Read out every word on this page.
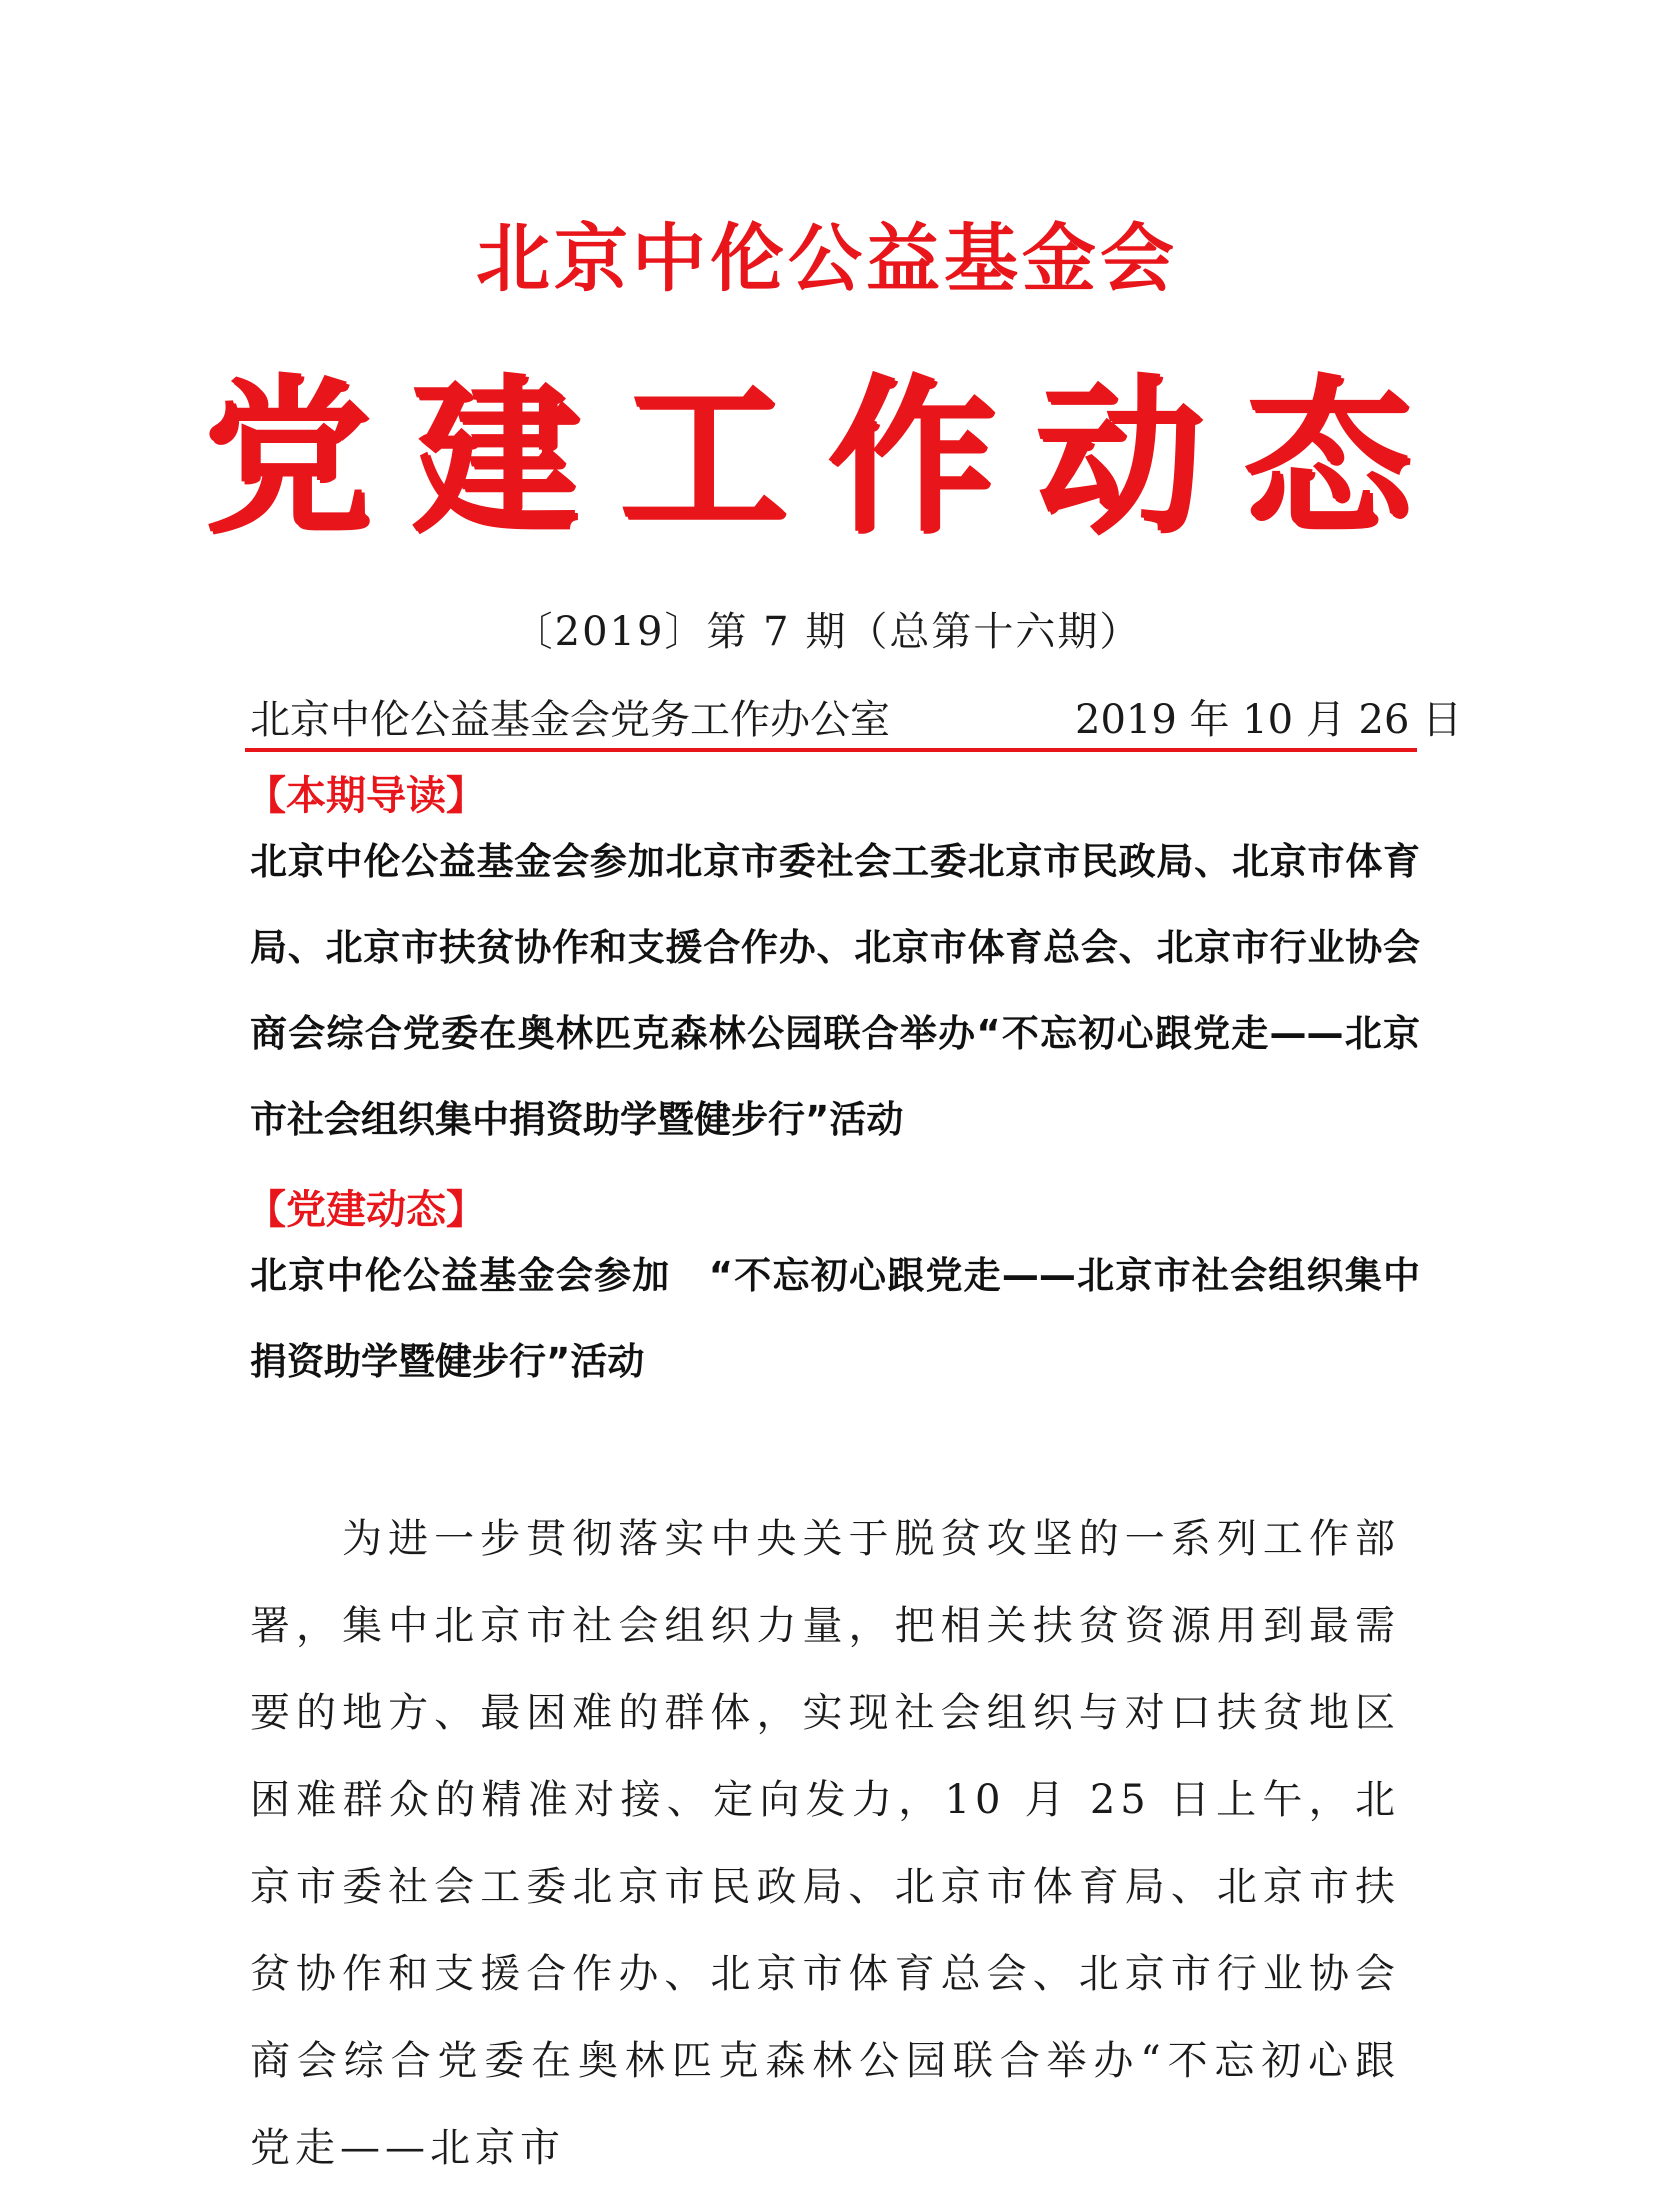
北京中伦公益基金会
党建工作动态
〔2019〕第 7 期（总第十六期）
北京中伦公益基金会党务工作办公室	2019 年 10 月 26 日
【本期导读】

北京中伦公益基金会参加北京市委社会工委北京市民政局、北京市体育局、北京市扶贫协作和支援合作办、北京市体育总会、北京市行业协会商会综合党委在奥林匹克森林公园联合举办“不忘初心跟党走——北京市社会组织集中捐资助学暨健步行”活动

【党建动态】

北京中伦公益基金会参加　“不忘初心跟党走——北京市社会组织集中捐资助学暨健步行”活动

为进一步贯彻落实中央关于脱贫攻坚的一系列工作部署，集中北京市社会组织力量，把相关扶贫资源用到最需要的地方、最困难的群体，实现社会组织与对口扶贫地区困难群众的精准对接、定向发力，10 月 25 日上午，北京市委社会工委北京市民政局、北京市体育局、北京市扶贫协作和支援合作办、北京市体育总会、北京市行业协会商会综合党委在奥林匹克森林公园联合举办“不忘初心跟党走——北京市
